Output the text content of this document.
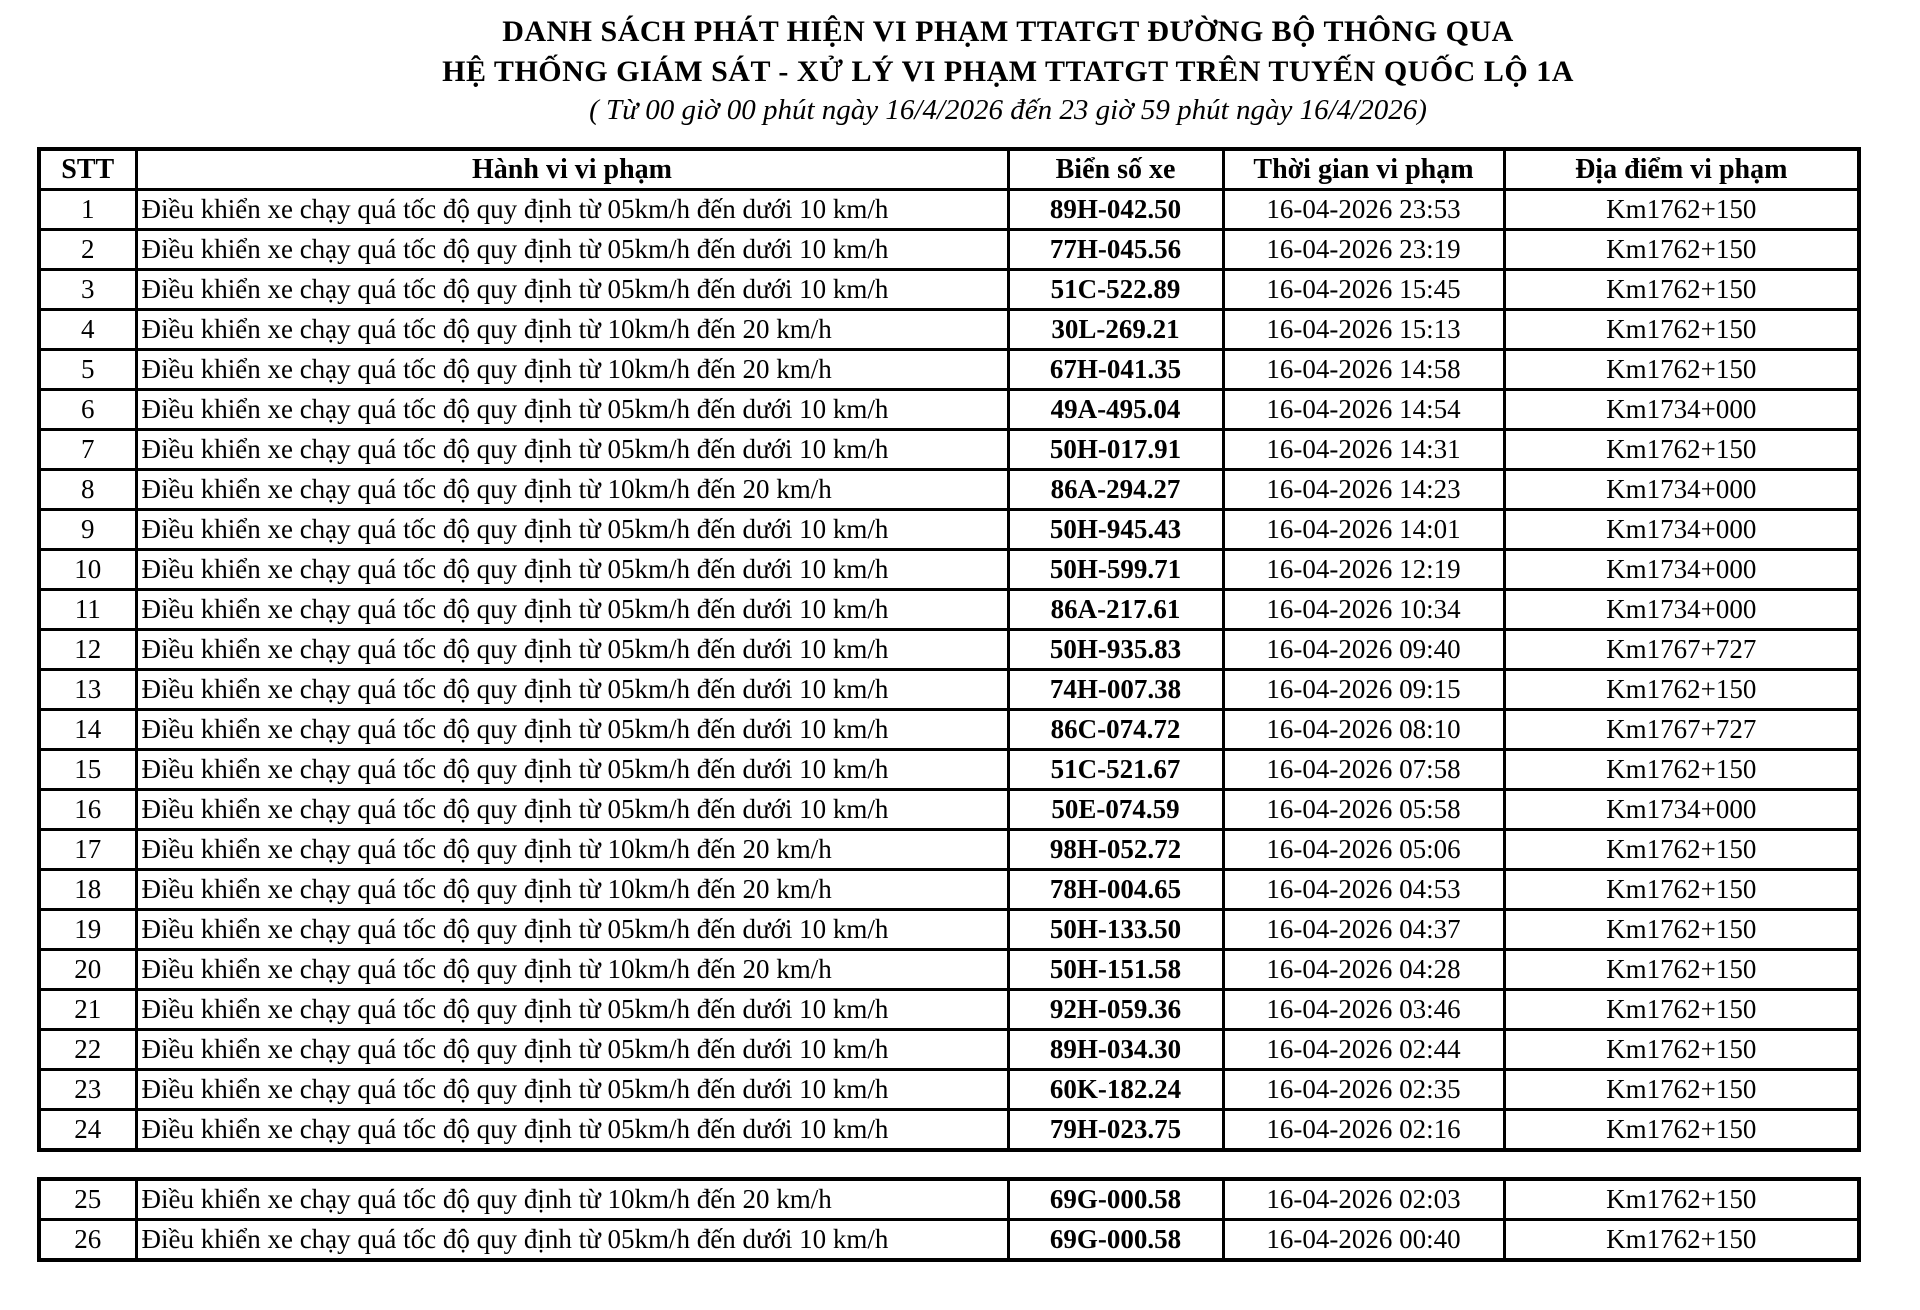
DANH SÁCH PHÁT HIỆN VI PHẠM TTATGT ĐƯỜNG BỘ THÔNG QUA
HỆ THỐNG GIÁM SÁT - XỬ LÝ VI PHẠM TTATGT TRÊN TUYẾN QUỐC LỘ 1A
( Từ 00 giờ 00 phút ngày 16/4/2026 đến 23 giờ 59 phút ngày 16/4/2026)
STT	Hành vi vi phạm	Biển số xe	Thời gian vi phạm	Địa điểm vi phạm
1	Điều khiển xe chạy quá tốc độ quy định từ 05km/h đến dưới 10 km/h	89H-042.50	16-04-2026 23:53	Km1762+150
2	Điều khiển xe chạy quá tốc độ quy định từ 05km/h đến dưới 10 km/h	77H-045.56	16-04-2026 23:19	Km1762+150
3	Điều khiển xe chạy quá tốc độ quy định từ 05km/h đến dưới 10 km/h	51C-522.89	16-04-2026 15:45	Km1762+150
4	Điều khiển xe chạy quá tốc độ quy định từ 10km/h đến 20 km/h	30L-269.21	16-04-2026 15:13	Km1762+150
5	Điều khiển xe chạy quá tốc độ quy định từ 10km/h đến 20 km/h	67H-041.35	16-04-2026 14:58	Km1762+150
6	Điều khiển xe chạy quá tốc độ quy định từ 05km/h đến dưới 10 km/h	49A-495.04	16-04-2026 14:54	Km1734+000
7	Điều khiển xe chạy quá tốc độ quy định từ 05km/h đến dưới 10 km/h	50H-017.91	16-04-2026 14:31	Km1762+150
8	Điều khiển xe chạy quá tốc độ quy định từ 10km/h đến 20 km/h	86A-294.27	16-04-2026 14:23	Km1734+000
9	Điều khiển xe chạy quá tốc độ quy định từ 05km/h đến dưới 10 km/h	50H-945.43	16-04-2026 14:01	Km1734+000
10	Điều khiển xe chạy quá tốc độ quy định từ 05km/h đến dưới 10 km/h	50H-599.71	16-04-2026 12:19	Km1734+000
11	Điều khiển xe chạy quá tốc độ quy định từ 05km/h đến dưới 10 km/h	86A-217.61	16-04-2026 10:34	Km1734+000
12	Điều khiển xe chạy quá tốc độ quy định từ 05km/h đến dưới 10 km/h	50H-935.83	16-04-2026 09:40	Km1767+727
13	Điều khiển xe chạy quá tốc độ quy định từ 05km/h đến dưới 10 km/h	74H-007.38	16-04-2026 09:15	Km1762+150
14	Điều khiển xe chạy quá tốc độ quy định từ 05km/h đến dưới 10 km/h	86C-074.72	16-04-2026 08:10	Km1767+727
15	Điều khiển xe chạy quá tốc độ quy định từ 05km/h đến dưới 10 km/h	51C-521.67	16-04-2026 07:58	Km1762+150
16	Điều khiển xe chạy quá tốc độ quy định từ 05km/h đến dưới 10 km/h	50E-074.59	16-04-2026 05:58	Km1734+000
17	Điều khiển xe chạy quá tốc độ quy định từ 10km/h đến 20 km/h	98H-052.72	16-04-2026 05:06	Km1762+150
18	Điều khiển xe chạy quá tốc độ quy định từ 10km/h đến 20 km/h	78H-004.65	16-04-2026 04:53	Km1762+150
19	Điều khiển xe chạy quá tốc độ quy định từ 05km/h đến dưới 10 km/h	50H-133.50	16-04-2026 04:37	Km1762+150
20	Điều khiển xe chạy quá tốc độ quy định từ 10km/h đến 20 km/h	50H-151.58	16-04-2026 04:28	Km1762+150
21	Điều khiển xe chạy quá tốc độ quy định từ 05km/h đến dưới 10 km/h	92H-059.36	16-04-2026 03:46	Km1762+150
22	Điều khiển xe chạy quá tốc độ quy định từ 05km/h đến dưới 10 km/h	89H-034.30	16-04-2026 02:44	Km1762+150
23	Điều khiển xe chạy quá tốc độ quy định từ 05km/h đến dưới 10 km/h	60K-182.24	16-04-2026 02:35	Km1762+150
24	Điều khiển xe chạy quá tốc độ quy định từ 05km/h đến dưới 10 km/h	79H-023.75	16-04-2026 02:16	Km1762+150
25	Điều khiển xe chạy quá tốc độ quy định từ 10km/h đến 20 km/h	69G-000.58	16-04-2026 02:03	Km1762+150
26	Điều khiển xe chạy quá tốc độ quy định từ 05km/h đến dưới 10 km/h	69G-000.58	16-04-2026 00:40	Km1762+150
